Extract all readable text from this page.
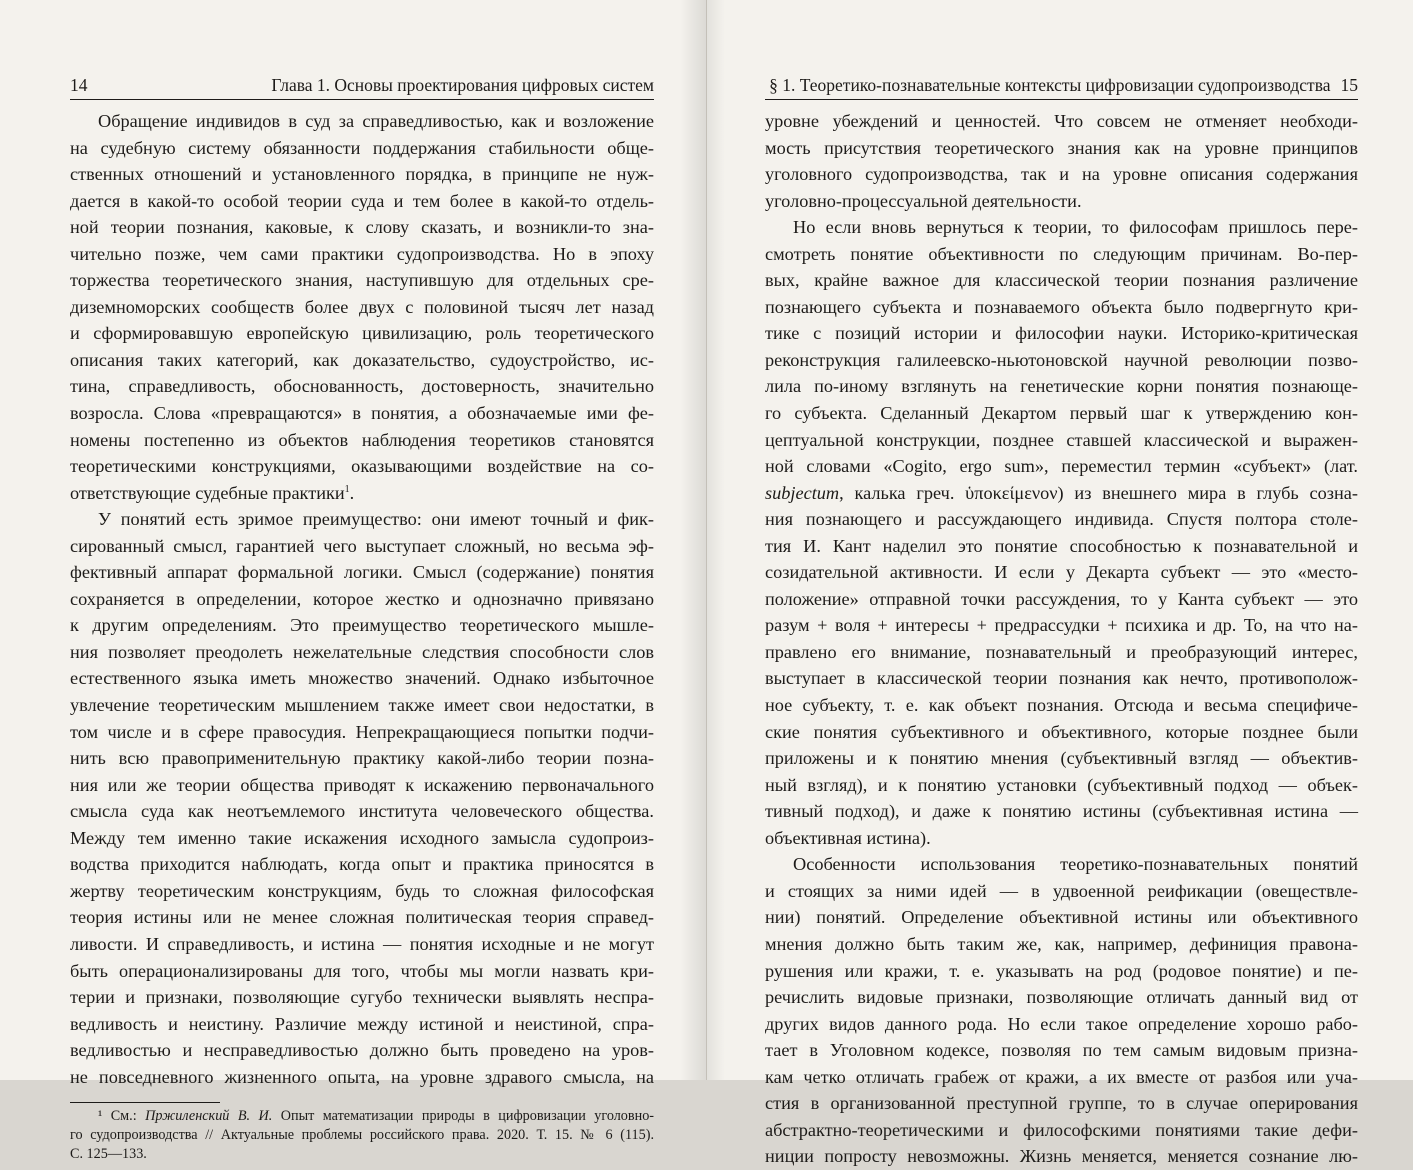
14	Глава 1. Основы проектирования цифровых систем
Обращение индивидов в суд за справедливостью, как и возложение
на судебную систему обязанности поддержания стабильности обще-
ственных отношений и установленного порядка, в принципе не нуж-
дается в какой-то особой теории суда и тем более в какой-то отдель-
ной теории познания, каковые, к слову сказать, и возникли-то зна-
чительно позже, чем сами практики судопроизводства. Но в эпоху
торжества теоретического знания, наступившую для отдельных сре-
диземноморских сообществ более двух с половиной тысяч лет назад
и сформировавшую европейскую цивилизацию, роль теоретического
описания таких категорий, как доказательство, судоустройство, ис-
тина, справедливость, обоснованность, достоверность, значительно
возросла. Слова «превращаются» в понятия, а обозначаемые ими фе-
номены постепенно из объектов наблюдения теоретиков становятся
теоретическими конструкциями, оказывающими воздействие на со-
ответствующие судебные практики$^1$.
У понятий есть зримое преимущество: они имеют точный и фик-
сированный смысл, гарантией чего выступает сложный, но весьма эф-
фективный аппарат формальной логики. Смысл (содержание) понятия
сохраняется в определении, которое жестко и однозначно привязано
к другим определениям. Это преимущество теоретического мышле-
ния позволяет преодолеть нежелательные следствия способности слов
естественного языка иметь множество значений. Однако избыточное
увлечение теоретическим мышлением также имеет свои недостатки, в
том числе и в сфере правосудия. Непрекращающиеся попытки подчи-
нить всю правоприменительную практику какой-либо теории позна-
ния или же теории общества приводят к искажению первоначального
смысла суда как неотъемлемого института человеческого общества.
Между тем именно такие искажения исходного замысла судопроиз-
водства приходится наблюдать, когда опыт и практика приносятся в
жертву теоретическим конструкциям, будь то сложная философская
теория истины или не менее сложная политическая теория справед-
ливости. И справедливость, и истина — понятия исходные и не могут
быть операционализированы для того, чтобы мы могли назвать кри-
терии и признаки, позволяющие сугубо технически выявлять неспра-
ведливость и неистину. Различие между истиной и неистиной, спра-
ведливостью и несправедливостью должно быть проведено на уров-
не повседневного жизненного опыта, на уровне здравого смысла, на
¹ См.: Пржиленский В. И. Опыт математизации природы в цифровизации уголовно-
го судопроизводства // Актуальные проблемы российского права. 2020. Т. 15. № 6 (115).
С. 125—133.
§ 1. Теоретико-познавательные контексты цифровизации судопроизводства 15
уровне убеждений и ценностей. Что совсем не отменяет необходи-
мость присутствия теоретического знания как на уровне принципов
уголовного судопроизводства, так и на уровне описания содержания
уголовно-процессуальной деятельности.
Но если вновь вернуться к теории, то философам пришлось пере-
смотреть понятие объективности по следующим причинам. Во-пер-
вых, крайне важное для классической теории познания различение
познающего субъекта и познаваемого объекта было подвергнуто кри-
тике с позиций истории и философии науки. Историко-критическая
реконструкция галилеевско-ньютоновской научной революции позво-
лила по-иному взглянуть на генетические корни понятия познающе-
го субъекта. Сделанный Декартом первый шаг к утверждению кон-
цептуальной конструкции, позднее ставшей классической и выражен-
ной словами «Cogito, ergo sum», переместил термин «субъект» (лат.
subjectum, калька греч. ὑποκείμενον) из внешнего мира в глубь созна-
ния познающего и рассуждающего индивида. Спустя полтора столе-
тия И. Кант наделил это понятие способностью к познавательной и
созидательной активности. И если у Декарта субъект — это «место-
положение» отправной точки рассуждения, то у Канта субъект — это
разум + воля + интересы + предрассудки + психика и др. То, на что на-
правлено его внимание, познавательный и преобразующий интерес,
выступает в классической теории познания как нечто, противополож-
ное субъекту, т. е. как объект познания. Отсюда и весьма специфиче-
ские понятия субъективного и объективного, которые позднее были
приложены и к понятию мнения (субъективный взгляд — объектив-
ный взгляд), и к понятию установки (субъективный подход — объек-
тивный подход), и даже к понятию истины (субъективная истина —
объективная истина).
Особенности использования теоретико-познавательных понятий
и стоящих за ними идей — в удвоенной реификации (овеществле-
нии) понятий. Определение объективной истины или объективного
мнения должно быть таким же, как, например, дефиниция правона-
рушения или кражи, т. е. указывать на род (родовое понятие) и пе-
речислить видовые признаки, позволяющие отличать данный вид от
других видов данного рода. Но если такое определение хорошо рабо-
тает в Уголовном кодексе, позволяя по тем самым видовым призна-
кам четко отличать грабеж от кражи, а их вместе от разбоя или уча-
стия в организованной преступной группе, то в случае оперирования
абстрактно-теоретическими и философскими понятиями такие дефи-
ниции попросту невозможны. Жизнь меняется, меняется сознание лю-
